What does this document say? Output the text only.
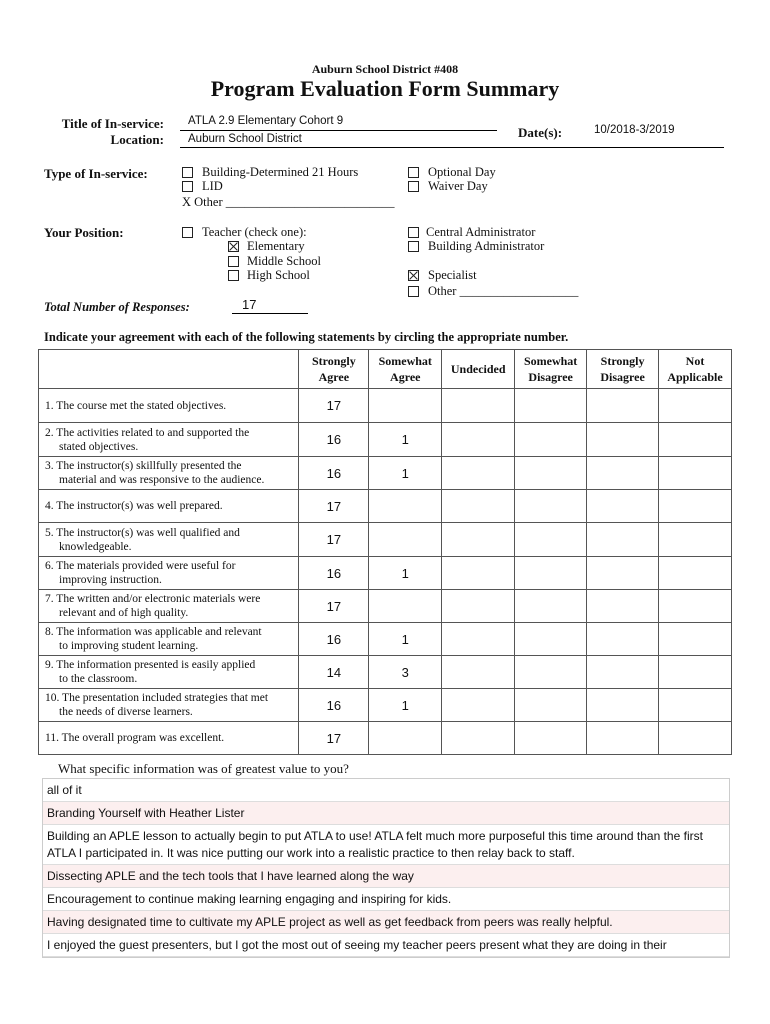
Auburn School District #408
Program Evaluation Form Summary
Title of In-service: ATLA 2.9 Elementary Cohort 9
Location: Auburn School District	Date(s):	10/2018-3/2019
Type of In-service:	Building-Determined 21 Hours
LID
X Other ___________________________
Optional Day
Waiver Day
Your Position:	Teacher (check one):
Elementary
Middle School
High School
Central Administrator
Building Administrator
Specialist
Other ___________________
Total Number of Responses:	17
Indicate your agreement with each of the following statements by circling the appropriate number.
	Strongly
Agree	Somewhat
Agree	Undecided	Somewhat
Disagree	Strongly
Disagree	Not
Applicable

1. The course met the stated objectives.	17					

2. The activities related to and supported the
stated objectives.	16	1				

3. The instructor(s) skillfully presented the
material and was responsive to the audience.	16	1				

4. The instructor(s) was well prepared.	17					

5. The instructor(s) was well qualified and
knowledgeable.	17					

6. The materials provided were useful for
improving instruction.	16	1				

7. The written and/or electronic materials were
relevant and of high quality.	17					

8. The information was applicable and relevant
to improving student learning.	16	1				

9. The information presented is easily applied
to the classroom.	14	3				

10. The presentation included strategies that met
the needs of diverse learners.	16	1				

11. The overall program was excellent.	17					
What specific information was of greatest value to you?
all of it
Branding Yourself with Heather Lister
Building an APLE lesson to actually begin to put ATLA to use! ATLA felt much more purposeful this time around than the first ATLA I participated in. It was nice putting our work into a realistic practice to then relay back to staff.
Dissecting APLE and the tech tools that I have learned along the way
Encouragement to continue making learning engaging and inspiring for kids.
Having designated time to cultivate my APLE project as well as get feedback from peers was really helpful.
I enjoyed the guest presenters, but I got the most out of seeing my teacher peers present what they are doing in their
